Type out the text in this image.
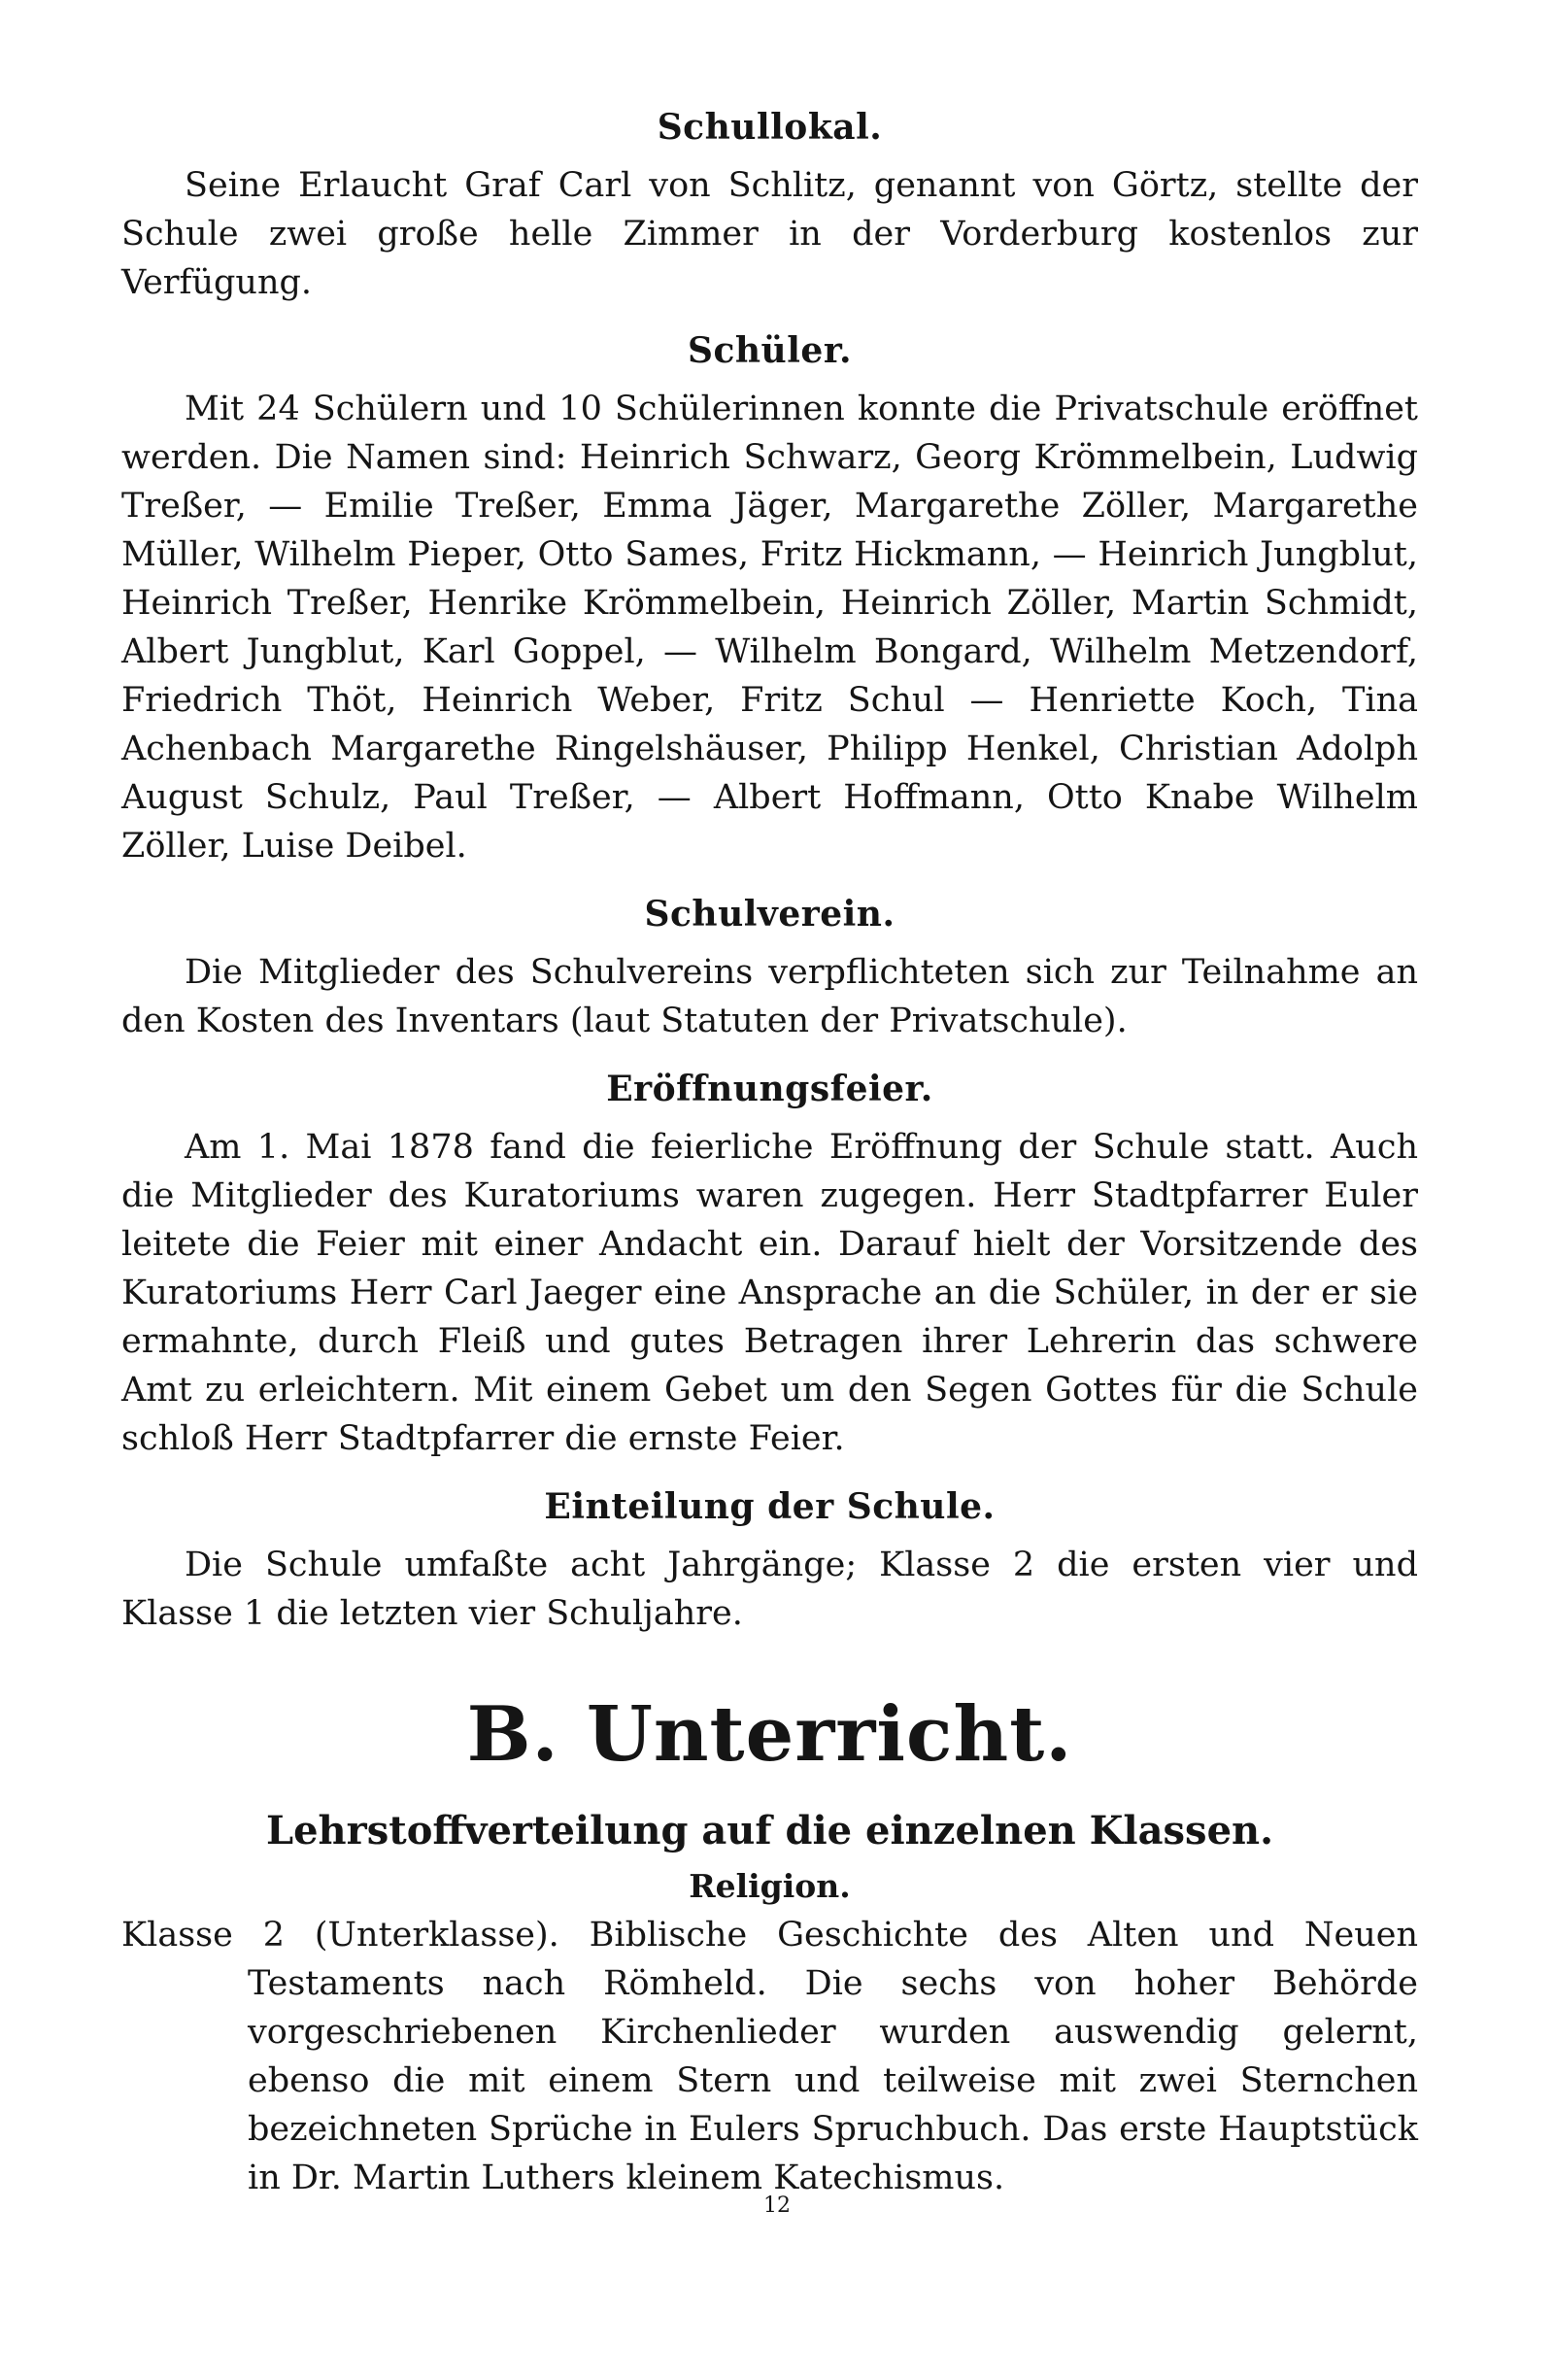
Schullokal.

Seine Erlaucht Graf Carl von Schlitz, genannt von Görtz, stellte der Schule zwei große helle Zimmer in der Vorderburg kostenlos zur Verfügung.

Schüler.

Mit 24 Schülern und 10 Schülerinnen konnte die Privatschule eröffnet werden. Die Namen sind: Heinrich Schwarz, Georg Krömmelbein, Ludwig Treßer, — Emilie Treßer, Emma Jäger, Margarethe Zöller, Margarethe Müller, Wilhelm Pieper, Otto Sames, Fritz Hickmann, — Heinrich Jungblut, Heinrich Treßer, Henrike Krömmelbein, Heinrich Zöller, Martin Schmidt, Albert Jungblut, Karl Goppel, — Wilhelm Bongard, Wilhelm Metzendorf, Friedrich Thöt, Heinrich Weber, Fritz Schul — Henriette Koch, Tina Achenbach Margarethe Ringelshäuser, Philipp Henkel, Christian Adolph August Schulz, Paul Treßer, — Albert Hoffmann, Otto Knabe Wilhelm Zöller, Luise Deibel.

Schulverein.

Die Mitglieder des Schulvereins verpflichteten sich zur Teilnahme an den Kosten des Inventars (laut Statuten der Privatschule).

Eröffnungsfeier.

Am 1. Mai 1878 fand die feierliche Eröffnung der Schule statt. Auch die Mitglieder des Kuratoriums waren zugegen. Herr Stadtpfarrer Euler leitete die Feier mit einer Andacht ein. Darauf hielt der Vorsitzende des Kuratoriums Herr Carl Jaeger eine Ansprache an die Schüler, in der er sie ermahnte, durch Fleiß und gutes Betragen ihrer Lehrerin das schwere Amt zu erleichtern. Mit einem Gebet um den Segen Gottes für die Schule schloß Herr Stadtpfarrer die ernste Feier.

Einteilung der Schule.

Die Schule umfaßte acht Jahrgänge; Klasse 2 die ersten vier und Klasse 1 die letzten vier Schuljahre.

B. Unterricht.
Lehrstoffverteilung auf die einzelnen Klassen.
Religion.

Klasse 2 (Unterklasse). Biblische Geschichte des Alten und Neuen Testaments nach Römheld. Die sechs von hoher Behörde vorgeschriebenen Kirchenlieder wurden auswendig gelernt, ebenso die mit einem Stern und teilweise mit zwei Sternchen bezeichneten Sprüche in Eulers Spruchbuch. Das erste Hauptstück in Dr. Martin Luthers kleinem Katechismus.

12
